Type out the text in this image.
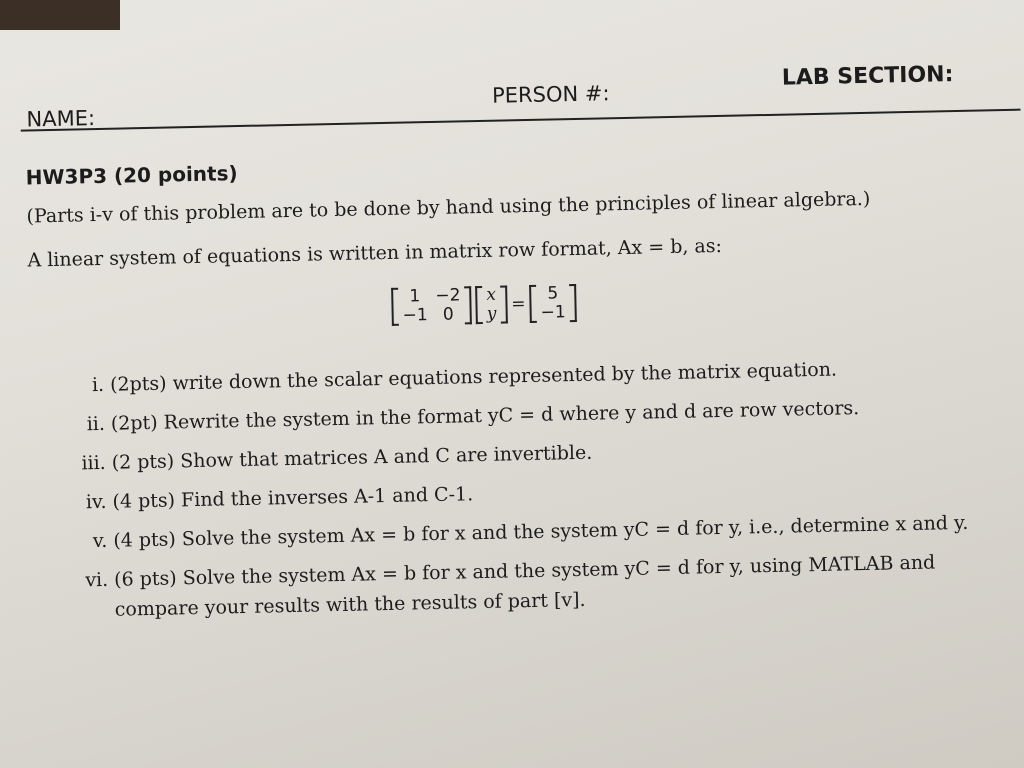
NAME:
PERSON #:
LAB SECTION:
HW3P3 (20 points)
(Parts i-v of this problem are to be done by hand using the principles of linear algebra.)
A linear system of equations is written in matrix row format, Ax = b, as:
1	−2
−1	0
x
y =
5
−1
i. (2pts) write down the scalar equations represented by the matrix equation.
ii. (2pt) Rewrite the system in the format yC = d where y and d are row vectors.
iii. (2 pts) Show that matrices A and C are invertible.
iv. (4 pts) Find the inverses A-1 and C-1.
v. (4 pts) Solve the system Ax = b for x and the system yC = d for y, i.e., determine x and y.
vi. (6 pts) Solve the system Ax = b for x and the system yC = d for y, using MATLAB and compare your results with the results of part [v].
